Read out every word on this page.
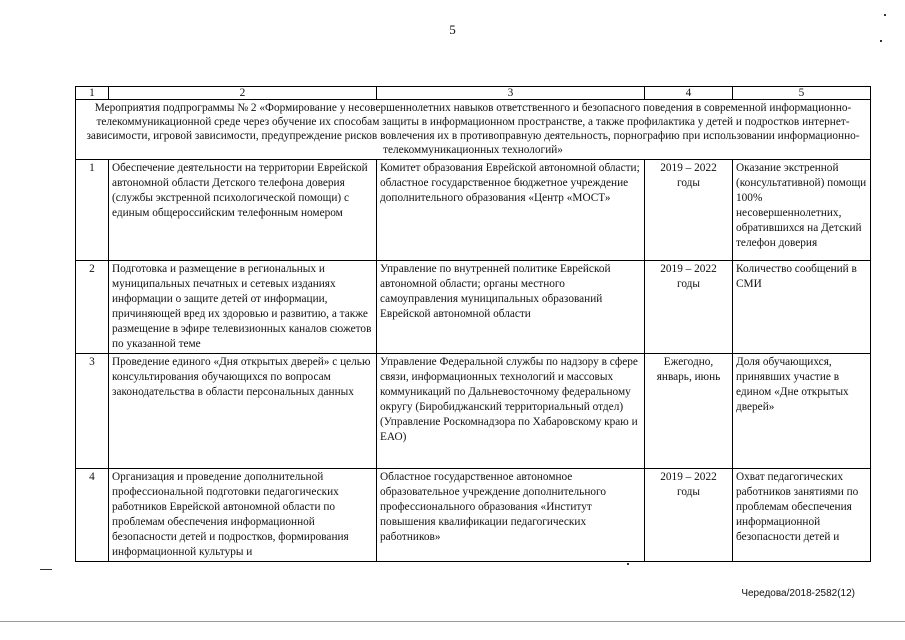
5
1	2	3	4	5
Мероприятия подпрограммы № 2 «Формирование у несовершеннолетних навыков ответственного и безопасного поведения в современной информационно-телекоммуникационной среде через обучение их способам защиты в информационном пространстве, а также профилактика у детей и подростков интернет-зависимости, игровой зависимости, предупреждение рисков вовлечения их в противоправную деятельность, порнографию при использовании информационно-телекоммуникационных технологий»				
1	Обеспечение деятельности на территории Еврейской автономной области Детского телефона доверия (службы экстренной психологической помощи) с единым общероссийским телефонным номером	Комитет образования Еврейской автономной области; областное государственное бюджетное учреждение дополнительного образования «Центр «МОСТ»	2019 – 2022 годы	Оказание экстренной (консультативной) помощи 100% несовершеннолетних, обратившихся на Детский телефон доверия
2	Подготовка и размещение в региональных и муниципальных печатных и сетевых изданиях информации о защите детей от информации, причиняющей вред их здоровью и развитию, а также размещение в эфире телевизионных каналов сюжетов по указанной теме	Управление по внутренней политике Еврейской автономной области; органы местного самоуправления муниципальных образований Еврейской автономной области	2019 – 2022 годы	Количество сообщений в СМИ
3	Проведение единого «Дня открытых дверей» с целью консультирования обучающихся по вопросам законодательства в области персональных данных	Управление Федеральной службы по надзору в сфере связи, информационных технологий и массовых коммуникаций по Дальневосточному федеральному округу (Биробиджанский территориальный отдел) (Управление Роскомнадзора по Хабаровскому краю и ЕАО)	Ежегодно, январь, июнь	Доля обучающихся, принявших участие в едином «Дне открытых дверей»
4	Организация и проведение дополнительной профессиональной подготовки педагогических работников Еврейской автономной области по проблемам обеспечения информационной безопасности детей и подростков, формирования информационной культуры и	Областное государственное автономное образовательное учреждение дополнительного профессионального образования «Институт повышения квалификации педагогических работников»	2019 – 2022 годы	Охват педагогических работников занятиями по проблемам обеспечения информационной безопасности детей и
Чередова/2018-2582(12)
